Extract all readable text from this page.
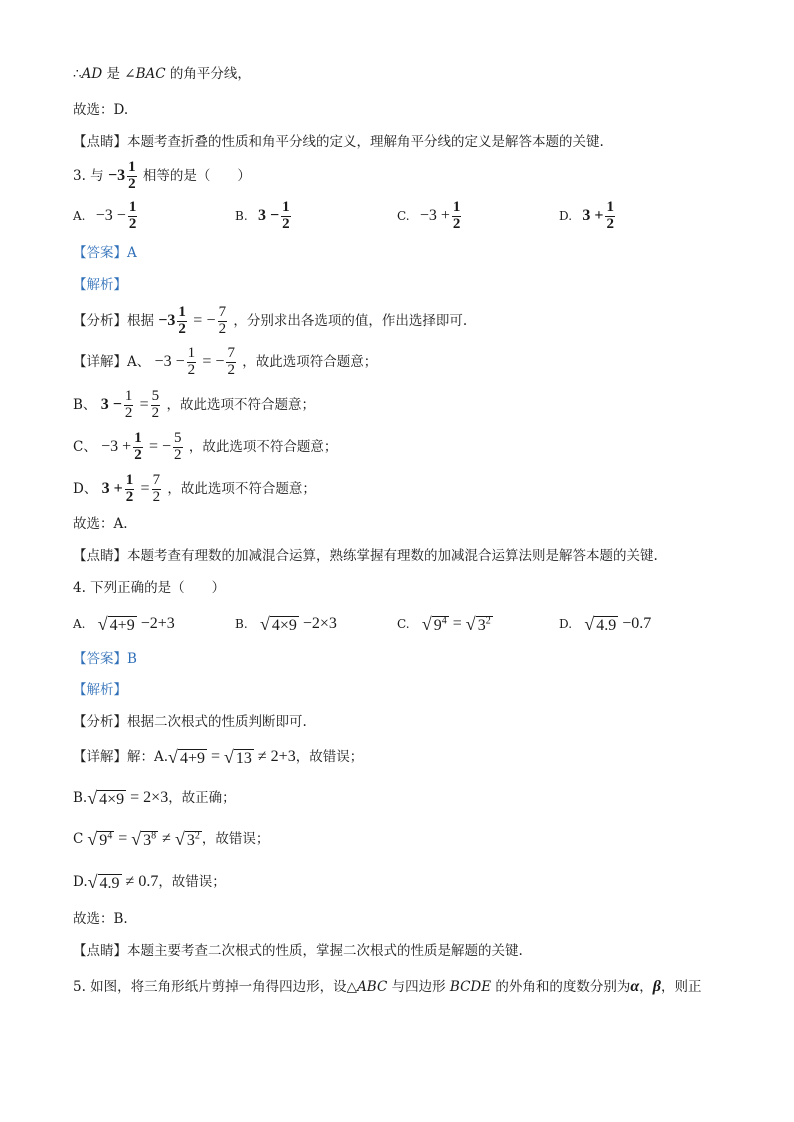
∴AD 是 ∠BAC 的角平分线，
故选：D.
【点睛】本题考查折叠的性质和角平分线的定义，理解角平分线的定义是解答本题的关键.
3. 与 $-3 \frac{1}{2}$ 相等的是（　　）
A. $-3 - \frac{1}{2}$	B. $3 - \frac{1}{2}$	C. $-3 + \frac{1}{2}$	D. $3 + \frac{1}{2}$
【答案】A
【解析】
【分析】根据 $-3 \frac{1}{2}$ = − $\frac{7}{2}$ ，分别求出各选项的值，作出选择即可.
【详解】A、 $-3 - \frac{1}{2}$ = − $\frac{7}{2}$ ，故此选项符合题意；
B、 $3 - \frac{1}{2} = \frac{5}{2}$ ，故此选项不符合题意；
C、 $-3 + \frac{1}{2}$ = − $\frac{5}{2}$ ，故此选项不符合题意；
D、 $3 + \frac{1}{2} = \frac{7}{2}$ ，故此选项不符合题意；
故选：A.
【点睛】本题考查有理数的加减混合运算，熟练掌握有理数的加减混合运算法则是解答本题的关键.
4. 下列正确的是（　　）
A. √ 4+9 −2+3	B. √ 4×9 −2×3	C. √ $9^4$ = √ $3^2$	D. √ 4.9 −0.7
【答案】B
【解析】
【分析】根据二次根式的性质判断即可.
【详解】解：A.√ 4+9 = √ 13 ≠ 2+3，故错误；
B.√ 4×9 = 2×3，故正确；
C √ $9^4$ = √ $3^8$ ≠ √ $3^2$ ，故错误；
D.√ 4.9 ≠ 0.7，故错误；
故选：B.
【点睛】本题主要考查二次根式的性质，掌握二次根式的性质是解题的关键.
5. 如图，将三角形纸片剪掉一角得四边形，设△ABC 与四边形 BCDE 的外角和的度数分别为α，β，则正
